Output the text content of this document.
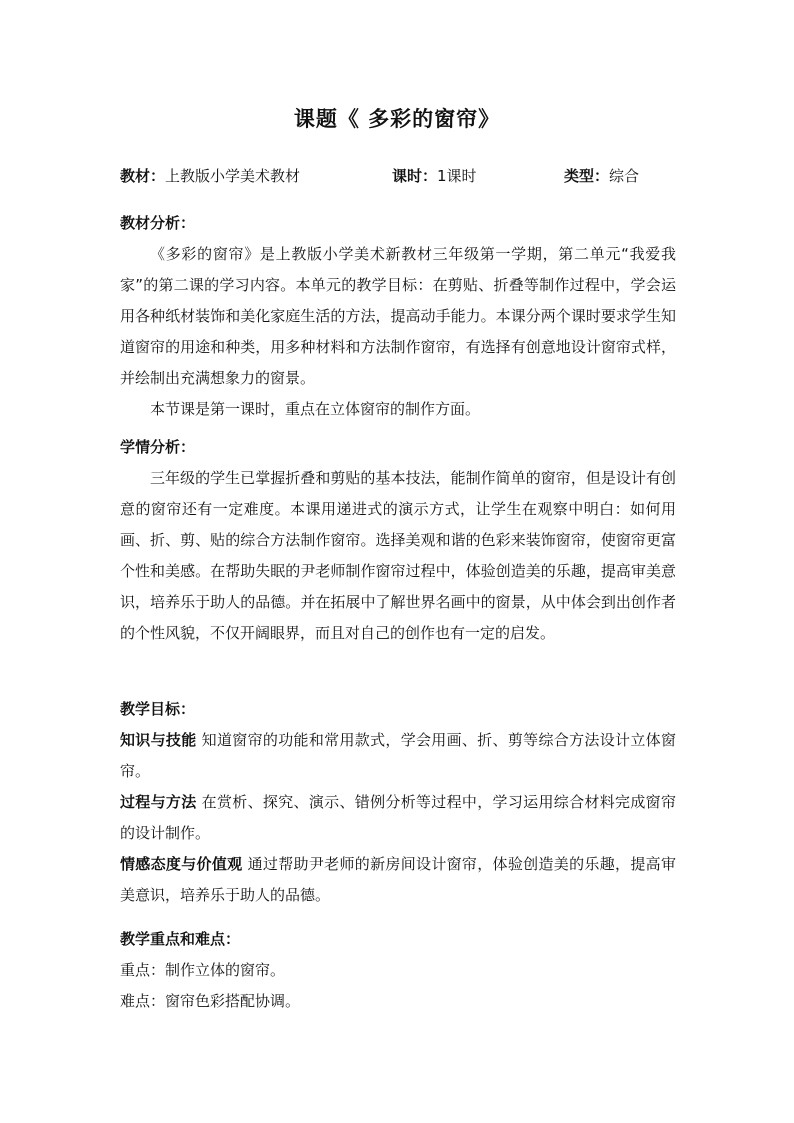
课题《 多彩的窗帘》
教材：上教版小学美术教材	课时：1课时	类型：综合

教材分析：

《多彩的窗帘》是上教版小学美术新教材三年级第一学期，第二单元“我爱我家”的第二课的学习内容。本单元的教学目标：在剪贴、折叠等制作过程中，学会运用各种纸材装饰和美化家庭生活的方法，提高动手能力。本课分两个课时要求学生知道窗帘的用途和种类，用多种材料和方法制作窗帘，有选择有创意地设计窗帘式样，并绘制出充满想象力的窗景。

本节课是第一课时，重点在立体窗帘的制作方面。

学情分析：

三年级的学生已掌握折叠和剪贴的基本技法，能制作简单的窗帘，但是设计有创意的窗帘还有一定难度。本课用递进式的演示方式，让学生在观察中明白：如何用画、折、剪、贴的综合方法制作窗帘。选择美观和谐的色彩来装饰窗帘，使窗帘更富个性和美感。在帮助失眠的尹老师制作窗帘过程中，体验创造美的乐趣，提高审美意识，培养乐于助人的品德。并在拓展中了解世界名画中的窗景，从中体会到出创作者的个性风貌，不仅开阔眼界，而且对自己的创作也有一定的启发。

教学目标：

知识与技能 知道窗帘的功能和常用款式，学会用画、折、剪等综合方法设计立体窗帘。

过程与方法 在赏析、探究、演示、错例分析等过程中，学习运用综合材料完成窗帘的设计制作。

情感态度与价值观 通过帮助尹老师的新房间设计窗帘，体验创造美的乐趣，提高审美意识，培养乐于助人的品德。

教学重点和难点：

重点：制作立体的窗帘。

难点：窗帘色彩搭配协调。
